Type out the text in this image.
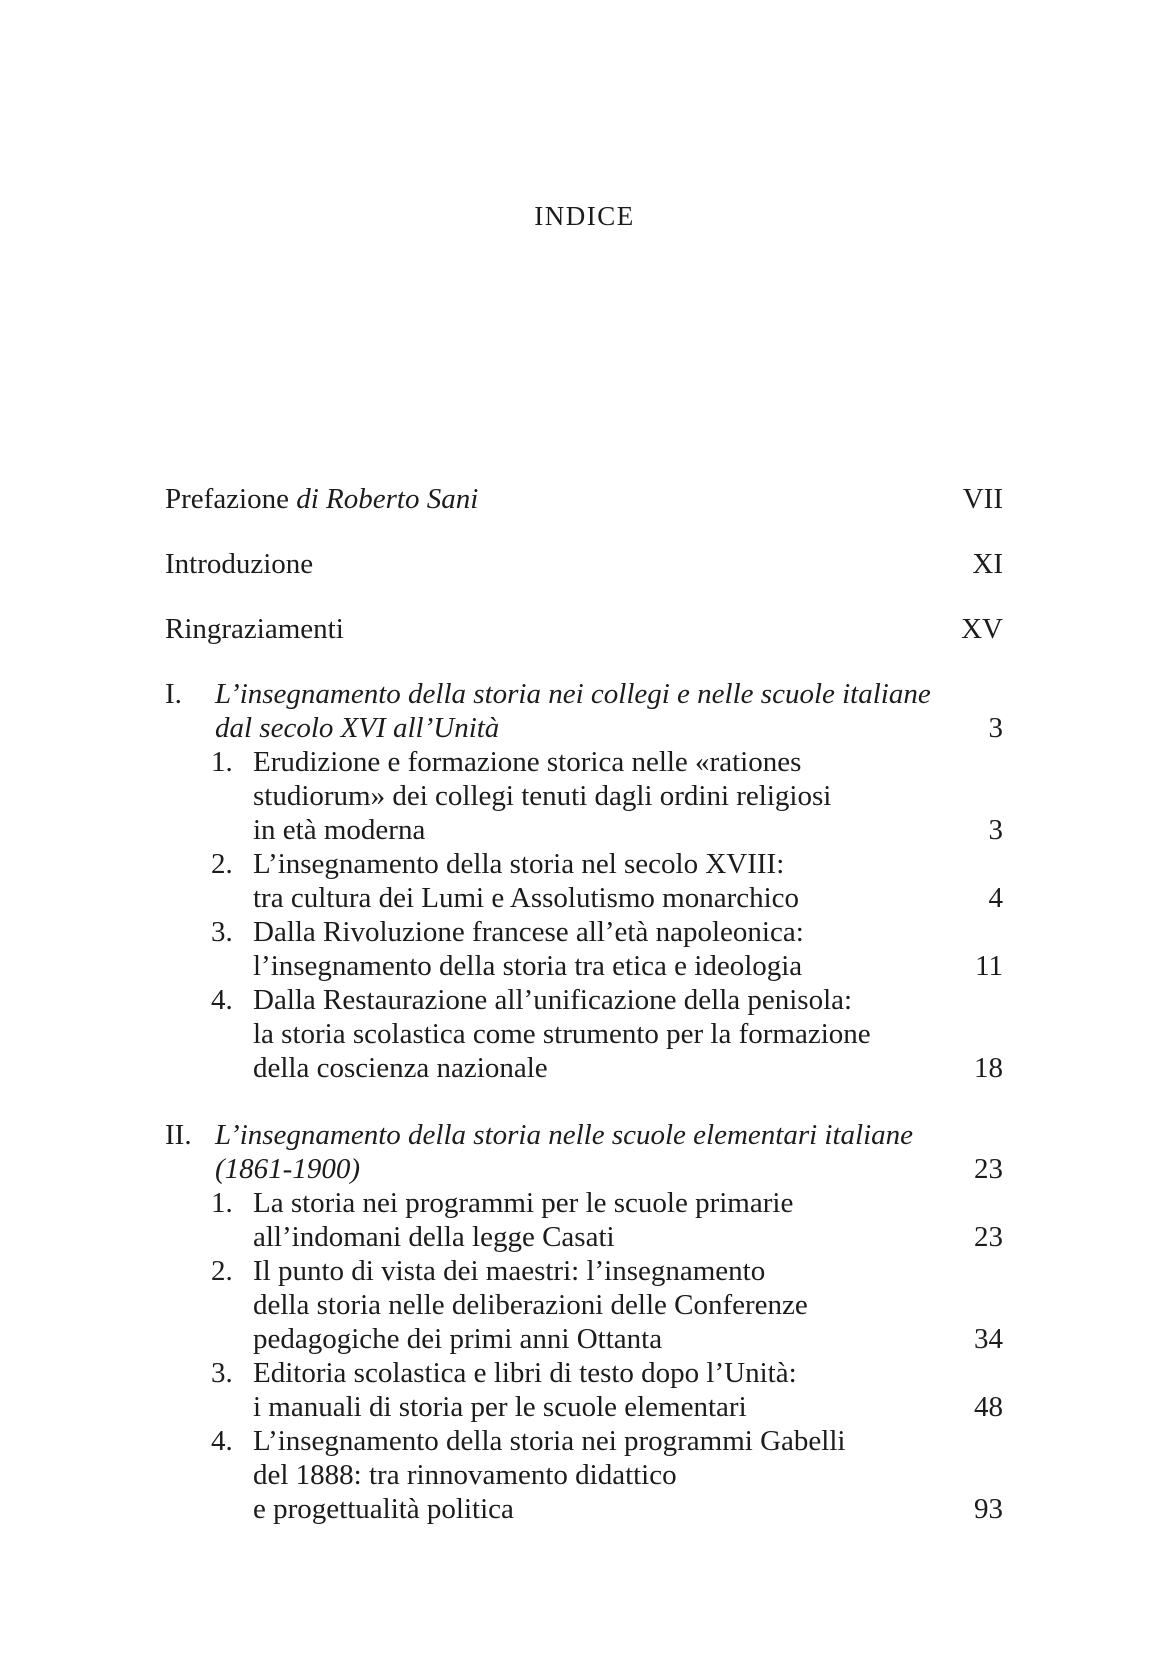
INDICE
Prefazione di Roberto Sani	VII
Introduzione	XI
Ringraziamenti	XV
I. L’insegnamento della storia nei collegi e nelle scuole italiane
dal secolo XVI all’Unità	3
1. Erudizione e formazione storica nelle «rationes
studiorum» dei collegi tenuti dagli ordini religiosi
in età moderna	3
2. L’insegnamento della storia nel secolo XVIII:
tra cultura dei Lumi e Assolutismo monarchico	4
3. Dalla Rivoluzione francese all’età napoleonica:
l’insegnamento della storia tra etica e ideologia	11
4. Dalla Restaurazione all’unificazione della penisola:
la storia scolastica come strumento per la formazione
della coscienza nazionale	18
II. L’insegnamento della storia nelle scuole elementari italiane
(1861-1900)	23
1. La storia nei programmi per le scuole primarie
all’indomani della legge Casati	23
2. Il punto di vista dei maestri: l’insegnamento
della storia nelle deliberazioni delle Conferenze
pedagogiche dei primi anni Ottanta	34
3. Editoria scolastica e libri di testo dopo l’Unità:
i manuali di storia per le scuole elementari	48
4. L’insegnamento della storia nei programmi Gabelli
del 1888: tra rinnovamento didattico
e progettualità politica	93
